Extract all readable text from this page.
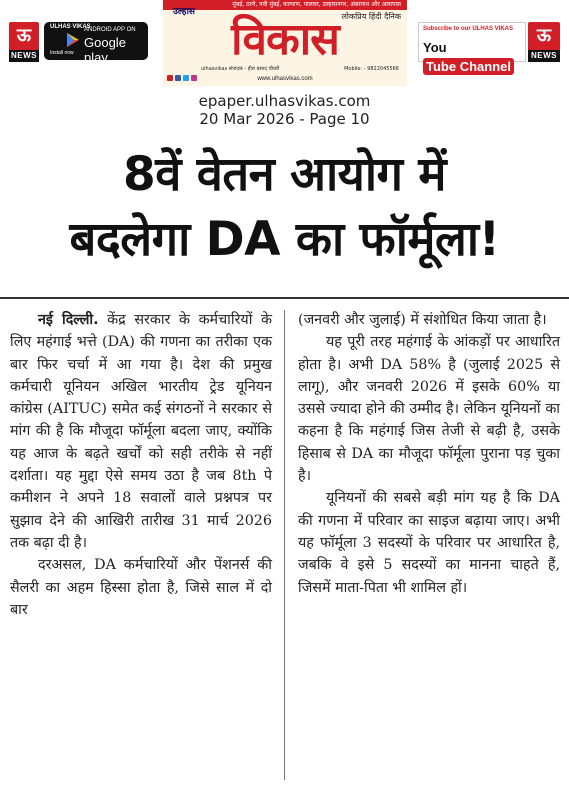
ऊ
NEWS
ULHAS VIKAS
ANDROID APP ON
Google play
Install now
मुंबई, ठाणे, नवी मुंबई, कल्याण, पालघर, उल्हासनगर, अंबरनाथ और आसपास
उल्हास	लोकप्रिय हिंदी दैनिक
विकास
ulhasvikas संपादक - हीरा प्रसाद चौधरी	Mobile: - 9822045566
www.ulhasvikas.com
Subscribe to our ULHAS VIKAS
YouTube Channel
ऊ
NEWS
epaper.ulhasvikas.com
20 Mar 2026 - Page 10
8वें वेतन आयोग में
बदलेगा DA का फॉर्मूला!

नई दिल्ली. केंद्र सरकार के कर्मचारियों के लिए महंगाई भत्ते (DA) की गणना का तरीका एक बार फिर चर्चा में आ गया है। देश की प्रमुख कर्मचारी यूनियन अखिल भारतीय ट्रेड यूनियन कांग्रेस (AITUC) समेत कई संगठनों ने सरकार से मांग की है कि मौजूदा फॉर्मूला बदला जाए, क्योंकि यह आज के बढ़ते खर्चों को सही तरीके से नहीं दर्शाता। यह मुद्दा ऐसे समय उठा है जब 8th पे कमीशन ने अपने 18 सवालों वाले प्रश्नपत्र पर सुझाव देने की आखिरी तारीख 31 मार्च 2026 तक बढ़ा दी है।

दरअसल, DA कर्मचारियों और पेंशनर्स की सैलरी का अहम हिस्सा होता है, जिसे साल में दो बार

(जनवरी और जुलाई) में संशोधित किया जाता है।

यह पूरी तरह महंगाई के आंकड़ों पर आधारित होता है। अभी DA 58% है (जुलाई 2025 से लागू), और जनवरी 2026 में इसके 60% या उससे ज्यादा होने की उम्मीद है। लेकिन यूनियनों का कहना है कि महंगाई जिस तेजी से बढ़ी है, उसके हिसाब से DA का मौजूदा फॉर्मूला पुराना पड़ चुका है।

यूनियनों की सबसे बड़ी मांग यह है कि DA की गणना में परिवार का साइज बढ़ाया जाए। अभी यह फॉर्मूला 3 सदस्यों के परिवार पर आधारित है, जबकि वे इसे 5 सदस्यों का मानना चाहते हैं, जिसमें माता-पिता भी शामिल हों।
